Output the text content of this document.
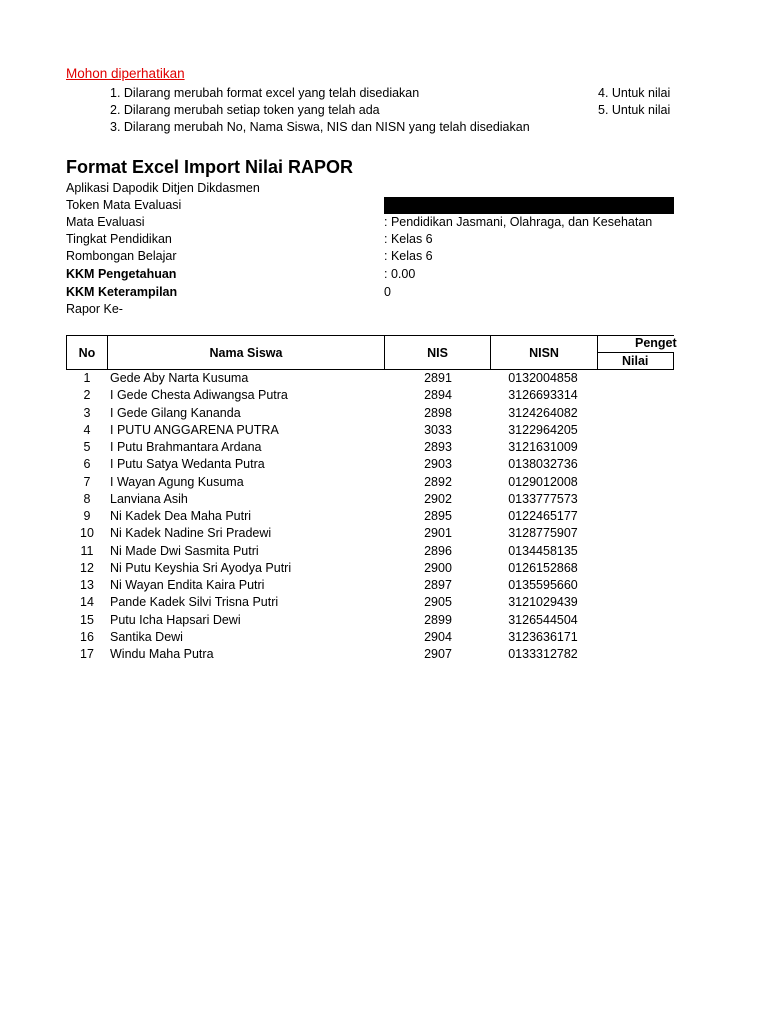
Mohon diperhatikan
1. Dilarang merubah format excel yang telah disediakan
2. Dilarang merubah setiap token yang telah ada
3. Dilarang merubah No, Nama Siswa, NIS dan NISN yang telah disediakan
4. Untuk nilai
5. Untuk nilai
Format Excel Import Nilai RAPOR
Aplikasi Dapodik Ditjen Dikdasmen
Token Mata Evaluasi
Mata Evaluasi	: Pendidikan Jasmani, Olahraga, dan Kesehatan
Tingkat Pendidikan	: Kelas 6
Rombongan Belajar	: Kelas 6
KKM Pengetahuan	: 0.00
KKM Keterampilan	0
Rapor Ke-
No	Nama Siswa	NIS	NISN
Penget
Nilai
1	Gede Aby Narta Kusuma	2891	0132004858
2	I Gede Chesta Adiwangsa Putra	2894	3126693314
3	I Gede Gilang Kananda	2898	3124264082
4	I PUTU ANGGARENA PUTRA	3033	3122964205
5	I Putu Brahmantara Ardana	2893	3121631009
6	I Putu Satya Wedanta Putra	2903	0138032736
7	I Wayan Agung Kusuma	2892	0129012008
8	Lanviana Asih	2902	0133777573
9	Ni Kadek Dea Maha Putri	2895	0122465177
10	Ni Kadek Nadine Sri Pradewi	2901	3128775907
11	Ni Made Dwi Sasmita Putri	2896	0134458135
12	Ni Putu Keyshia Sri Ayodya Putri	2900	0126152868
13	Ni Wayan Endita Kaira Putri	2897	0135595660
14	Pande Kadek Silvi Trisna Putri	2905	3121029439
15	Putu Icha Hapsari Dewi	2899	3126544504
16	Santika Dewi	2904	3123636171
17	Windu Maha Putra	2907	0133312782
